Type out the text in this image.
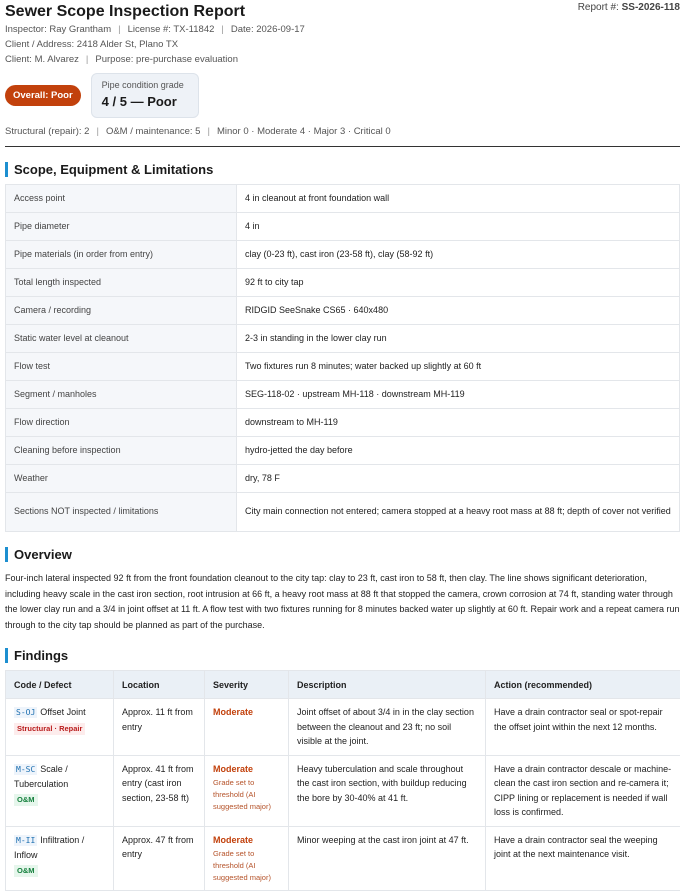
Report #: SS-2026-118
Sewer Scope Inspection Report
Inspector: Ray Grantham | License #: TX-11842 | Date: 2026-09-17
Client / Address: 2418 Alder St, Plano TX
Client: M. Alvarez | Purpose: pre-purchase evaluation
Overall: Poor
Pipe condition grade
4 / 5 — Poor
Structural (repair): 2 | O&M / maintenance: 5 | Minor 0 · Moderate 4 · Major 3 · Critical 0
Scope, Equipment & Limitations
Access point	4 in cleanout at front foundation wall
Pipe diameter	4 in
Pipe materials (in order from entry)	clay (0-23 ft), cast iron (23-58 ft), clay (58-92 ft)
Total length inspected	92 ft to city tap
Camera / recording	RIDGID SeeSnake CS65 · 640x480
Static water level at cleanout	2-3 in standing in the lower clay run
Flow test	Two fixtures run 8 minutes; water backed up slightly at 60 ft
Segment / manholes	SEG-118-02 · upstream MH-118 · downstream MH-119
Flow direction	downstream to MH-119
Cleaning before inspection	hydro-jetted the day before
Weather	dry, 78 F
Sections NOT inspected / limitations	City main connection not entered; camera stopped at a heavy root mass at 88 ft; depth of cover not verified
Overview

Four-inch lateral inspected 92 ft from the front foundation cleanout to the city tap: clay to 23 ft, cast iron to 58 ft, then clay. The line shows significant deterioration, including heavy scale in the cast iron section, root intrusion at 66 ft, a heavy root mass at 88 ft that stopped the camera, crown corrosion at 74 ft, standing water through the lower clay run and a 3/4 in joint offset at 11 ft. A flow test with two fixtures running for 8 minutes backed water up slightly at 60 ft. Repair work and a repeat camera run through to the city tap should be planned as part of the purchase.

Findings
Code / Defect	Location	Severity	Description	Action (recommended)
S-OJ Offset Joint
Structural · Repair	Approx. 11 ft from entry	Moderate	Joint offset of about 3/4 in in the clay section between the cleanout and 23 ft; no soil visible at the joint.	Have a drain contractor seal or spot-repair the offset joint within the next 12 months.
M-SC Scale / Tuberculation
O&M	Approx. 41 ft from entry (cast iron section, 23-58 ft)	Moderate
Grade set to threshold (AI suggested major)	Heavy tuberculation and scale throughout the cast iron section, with buildup reducing the bore by 30-40% at 41 ft.	Have a drain contractor descale or machine-clean the cast iron section and re-camera it; CIPP lining or replacement is needed if wall loss is confirmed.
M-II Infiltration / Inflow
O&M	Approx. 47 ft from entry	Moderate
Grade set to threshold (AI suggested major)	Minor weeping at the cast iron joint at 47 ft.	Have a drain contractor seal the weeping joint at the next maintenance visit.
